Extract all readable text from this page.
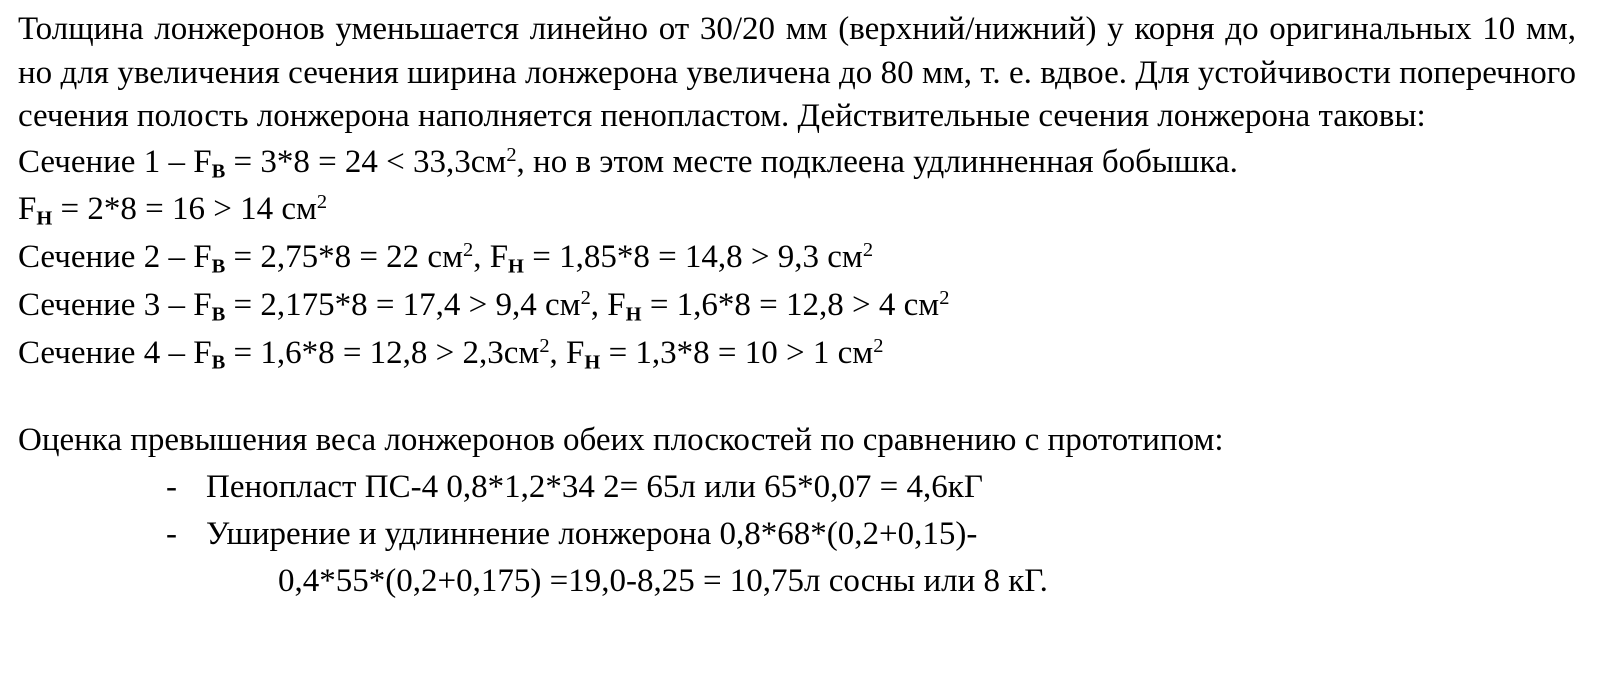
Толщина лонжеронов уменьшается линейно от 30/20 мм (верхний/нижний) у корня до оригинальных 10 мм, но для увеличения сечения ширина лонжерона увеличена до 80 мм, т. е. вдвое. Для устойчивости поперечного сечения полость лонжерона наполняется пенопластом. Действительные сечения лонжерона таковы:

Сечение $1 - F_В = 3*8 = 24 < 33,3см^2$, но в этом месте подклеена удлинненная бобышка.

$F_Н = 2*8 = 16 > 14$ $см^2$

Сечение $2 - F_В = 2,75*8 = 22$ $см^2$, $F_Н = 1,85*8 = 14,8 > 9,3$ $см^2$

Сечение $3 - F_В = 2,175*8 = 17,4 > 9,4$ $см^2$, $F_Н = 1,6*8 = 12,8 > 4$ $см^2$

Сечение $4 - F_В = 1,6*8 = 12,8 > 2,3см^2$, $F_Н = 1,3*8 = 10 > 1$ $см^2$

Оценка превышения веса лонжеронов обеих плоскостей по сравнению с прототипом:

- Пенопласт ПС-4 0,8*1,2*34 2= 65л или 65*0,07 = 4,6кГ
- Уширение и удлиннение лонжерона 0,8*68*(0,2+0,15)-
0,4*55*(0,2+0,175) =19,0-8,25 = 10,75л сосны или 8 кГ.
